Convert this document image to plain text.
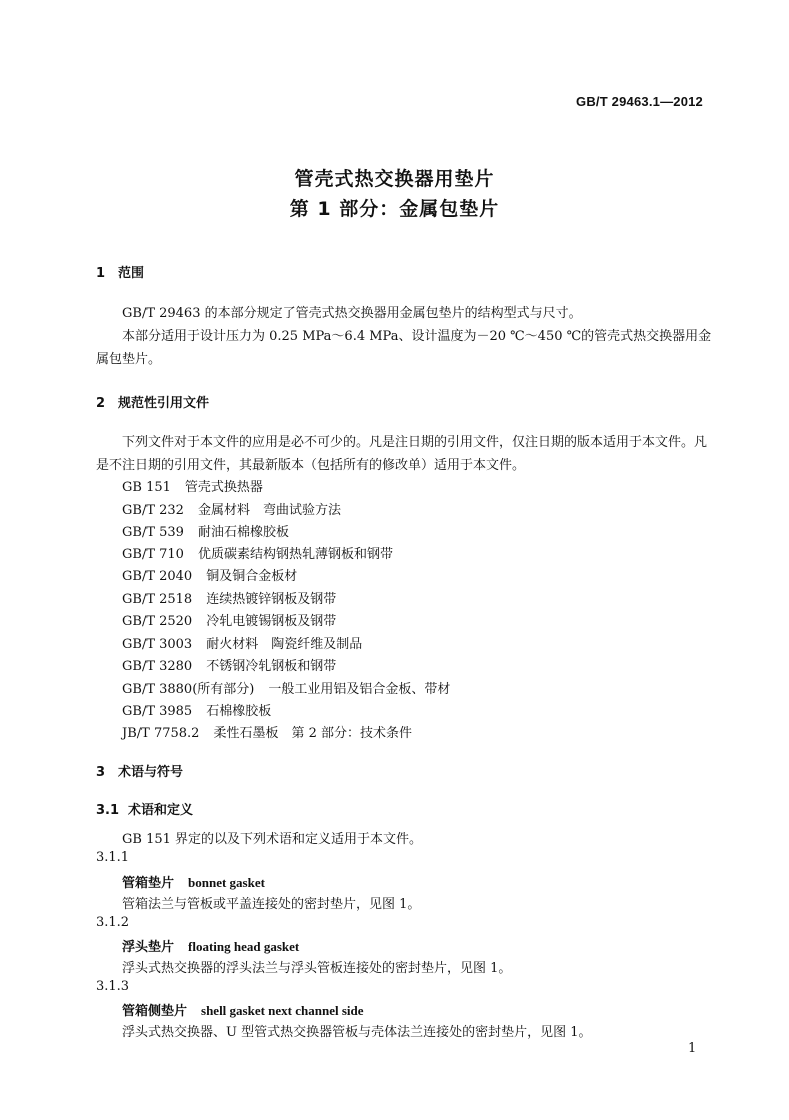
GB/T 29463.1—2012
管壳式热交换器用垫片
第 1 部分：金属包垫片
1 范围
GB/T 29463 的本部分规定了管壳式热交换器用金属包垫片的结构型式与尺寸。
本部分适用于设计压力为 0.25 MPa～6.4 MPa、设计温度为－20 ℃～450 ℃的管壳式热交换器用金属包垫片。
2 规范性引用文件
下列文件对于本文件的应用是必不可少的。凡是注日期的引用文件，仅注日期的版本适用于本文件。凡是不注日期的引用文件，其最新版本（包括所有的修改单）适用于本文件。
GB 151 管壳式换热器
GB/T 232 金属材料　弯曲试验方法
GB/T 539 耐油石棉橡胶板
GB/T 710 优质碳素结构钢热轧薄钢板和钢带
GB/T 2040 铜及铜合金板材
GB/T 2518 连续热镀锌钢板及钢带
GB/T 2520 冷轧电镀锡钢板及钢带
GB/T 3003 耐火材料　陶瓷纤维及制品
GB/T 3280 不锈钢冷轧钢板和钢带
GB/T 3880(所有部分) 一般工业用铝及铝合金板、带材
GB/T 3985 石棉橡胶板
JB/T 7758.2 柔性石墨板　第 2 部分：技术条件
3 术语与符号
3.1 术语和定义
GB 151 界定的以及下列术语和定义适用于本文件。
3.1.1
管箱垫片 bonnet gasket
管箱法兰与管板或平盖连接处的密封垫片，见图 1。
3.1.2
浮头垫片 floating head gasket
浮头式热交换器的浮头法兰与浮头管板连接处的密封垫片，见图 1。
3.1.3
管箱侧垫片 shell gasket next channel side
浮头式热交换器、U 型管式热交换器管板与壳体法兰连接处的密封垫片，见图 1。
1
